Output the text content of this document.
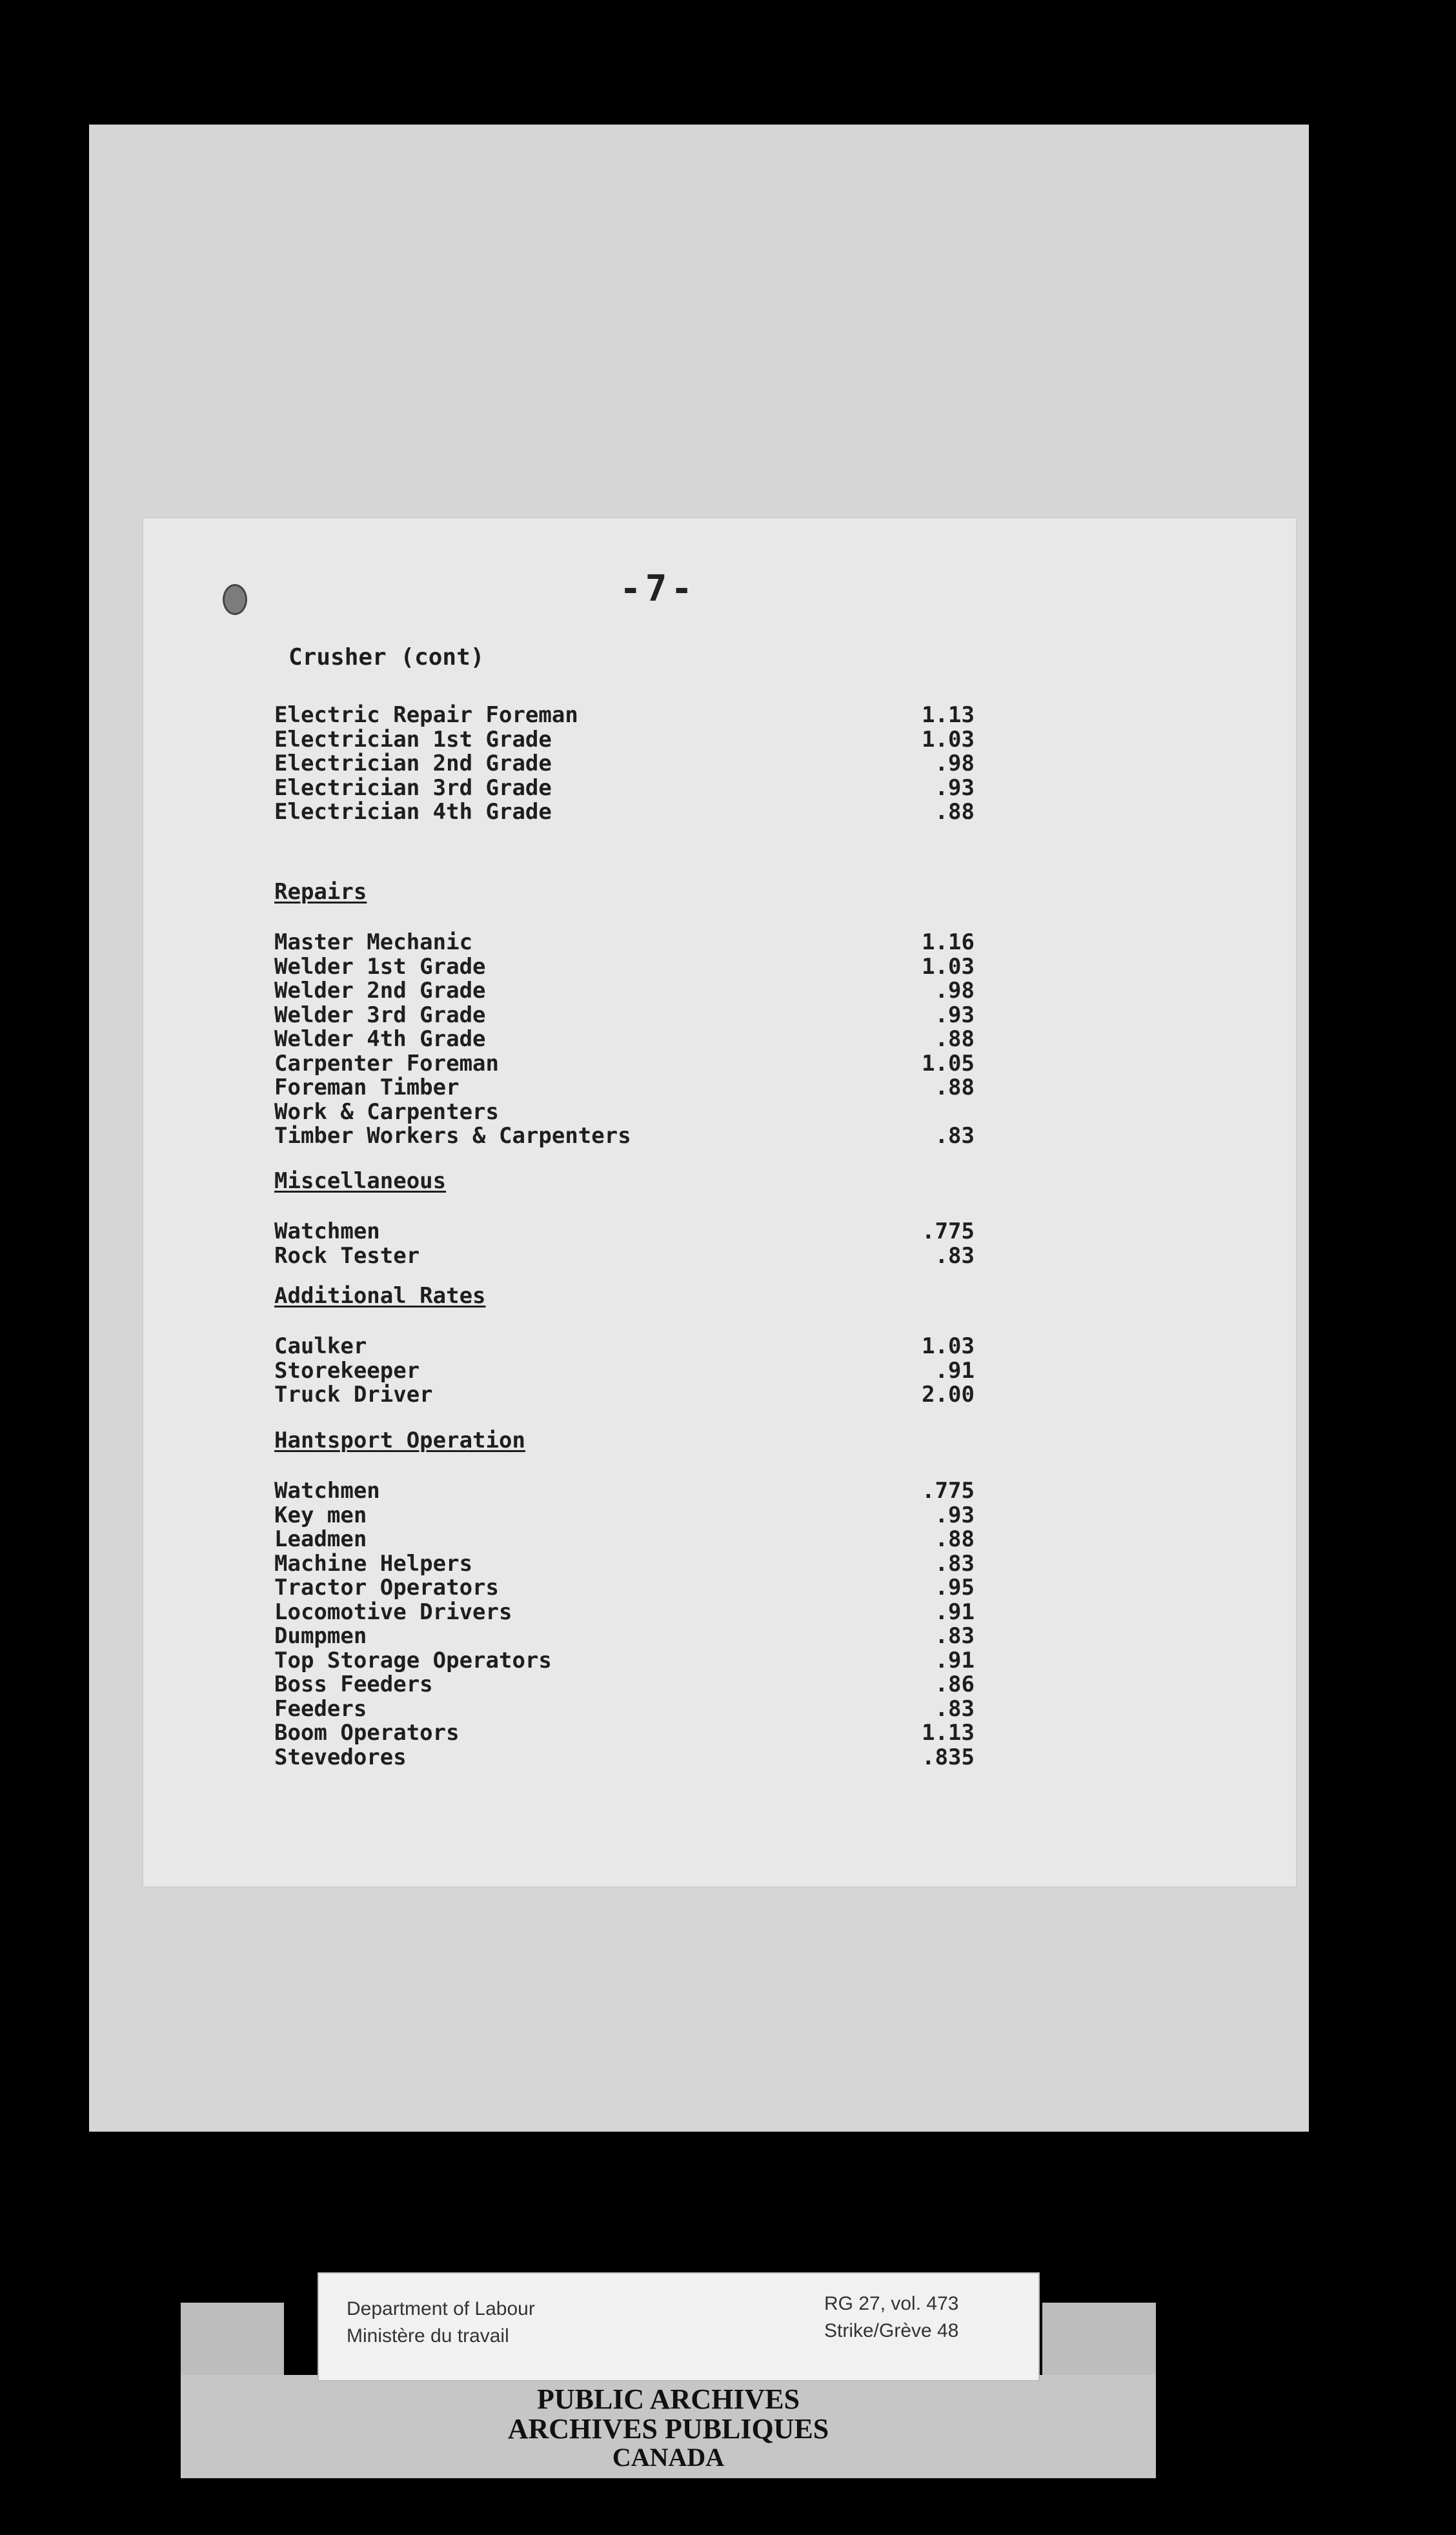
-7-

Crusher (cont)

Electric Repair Foreman	1.13

Electrician 1st Grade	1.03

Electrician 2nd Grade	.98

Electrician 3rd Grade	.93

Electrician 4th Grade	.88

Repairs

Master Mechanic	1.16

Welder 1st Grade	1.03

Welder 2nd Grade	.98

Welder 3rd Grade	.93

Welder 4th Grade	.88

Carpenter Foreman	1.05

Foreman Timber	.88

Work & Carpenters

Timber Workers & Carpenters	.83

Miscellaneous

Watchmen	.775

Rock Tester	.83

Additional Rates

Caulker	1.03

Storekeeper	.91

Truck Driver	2.00

Hantsport Operation

Watchmen	.775

Key men	.93

Leadmen	.88

Machine Helpers	.83

Tractor Operators	.95

Locomotive Drivers	.91

Dumpmen	.83

Top Storage Operators	.91

Boss Feeders	.86

Feeders	.83

Boom Operators	1.13

Stevedores	.835

PUBLIC ARCHIVES
ARCHIVES PUBLIQUES
CANADA
Department of Labour
Ministère du travail
RG 27, vol. 473
Strike/Grève 48
